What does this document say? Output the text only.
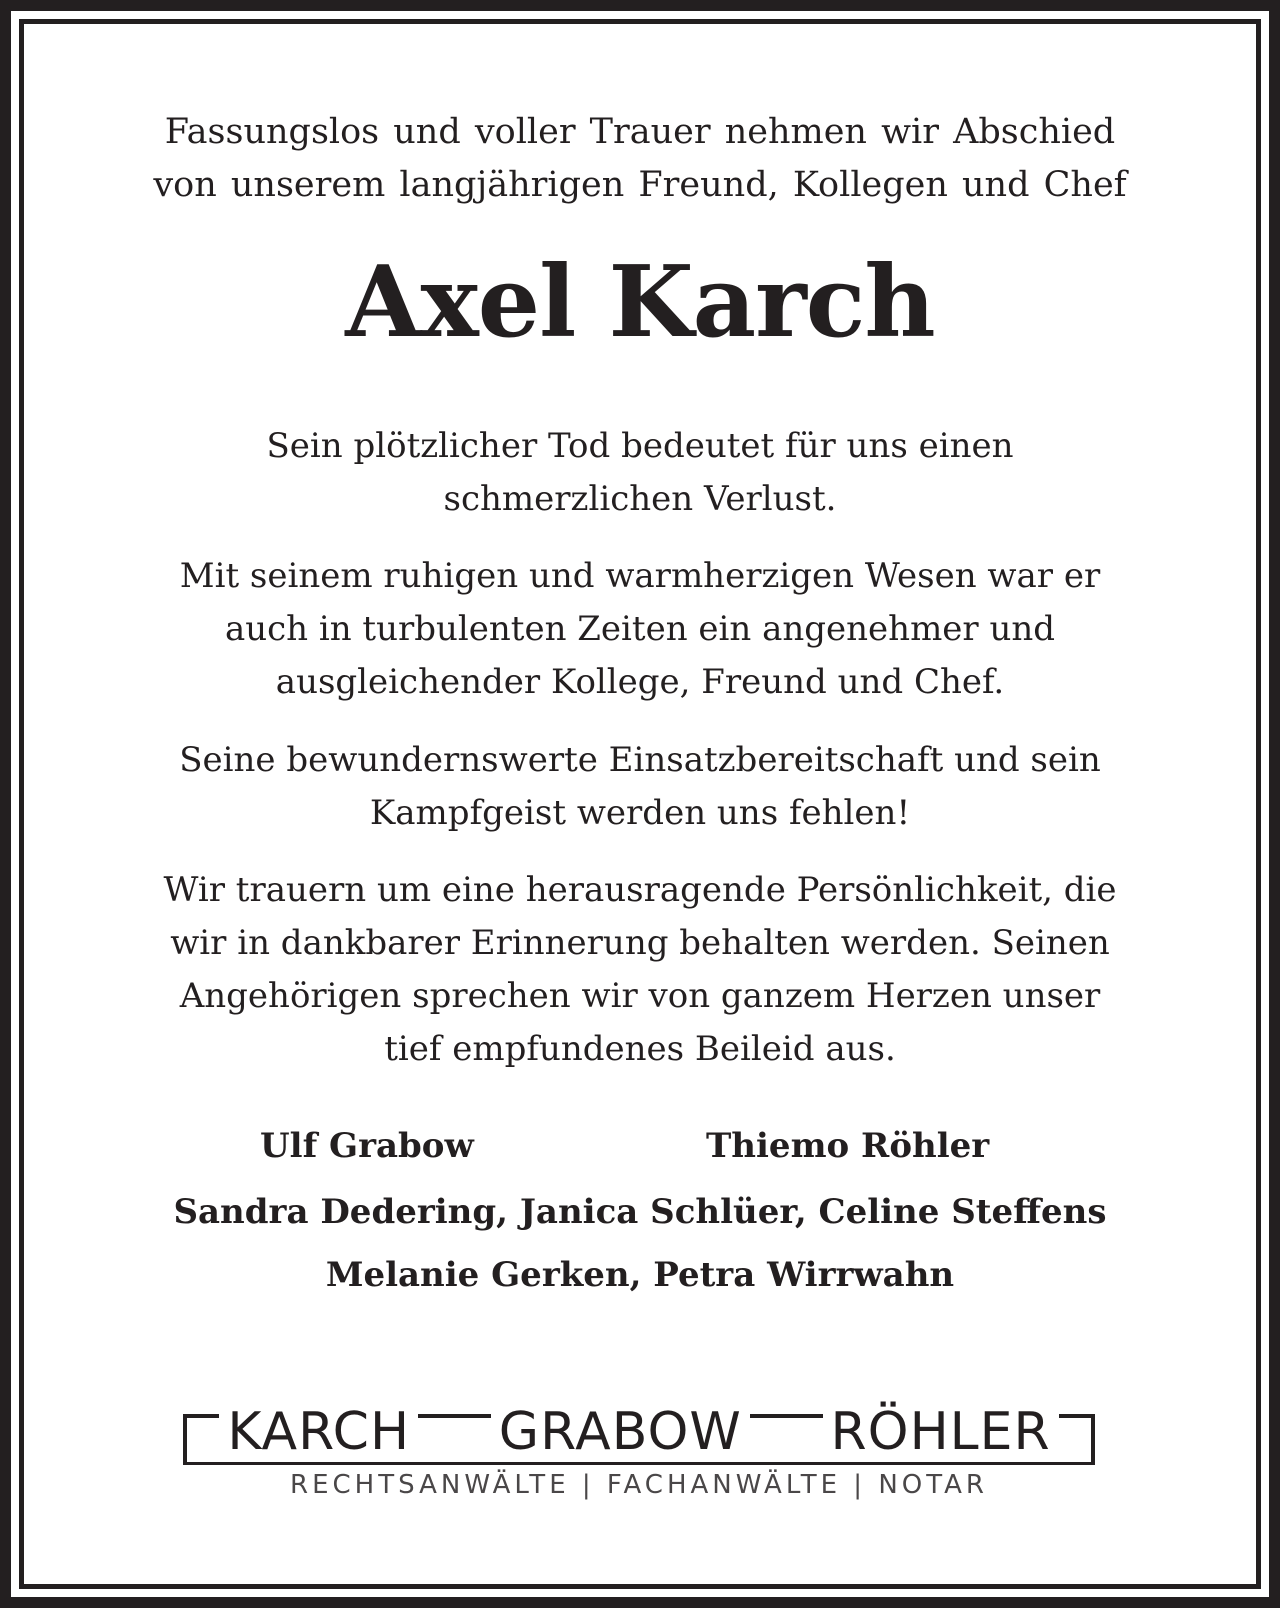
Fassungslos und voller Trauer nehmen wir Abschied
von unserem langjährigen Freund, Kollegen und Chef
Axel Karch
Sein plötzlicher Tod bedeutet für uns einen
schmerzlichen Verlust.
Mit seinem ruhigen und warmherzigen Wesen war er
auch in turbulenten Zeiten ein angenehmer und
ausgleichender Kollege, Freund und Chef.
Seine bewundernswerte Einsatzbereitschaft und sein
Kampfgeist werden uns fehlen!
Wir trauern um eine herausragende Persönlichkeit, die
wir in dankbarer Erinnerung behalten werden. Seinen
Angehörigen sprechen wir von ganzem Herzen unser
tief empfundenes Beileid aus.
Ulf Grabow	Thiemo Röhler
Sandra Dedering, Janica Schlüer, Celine Steffens
Melanie Gerken, Petra Wirrwahn
KARCH GRABOW RÖHLER
RECHTSANWÄLTE | FACHANWÄLTE | NOTAR
